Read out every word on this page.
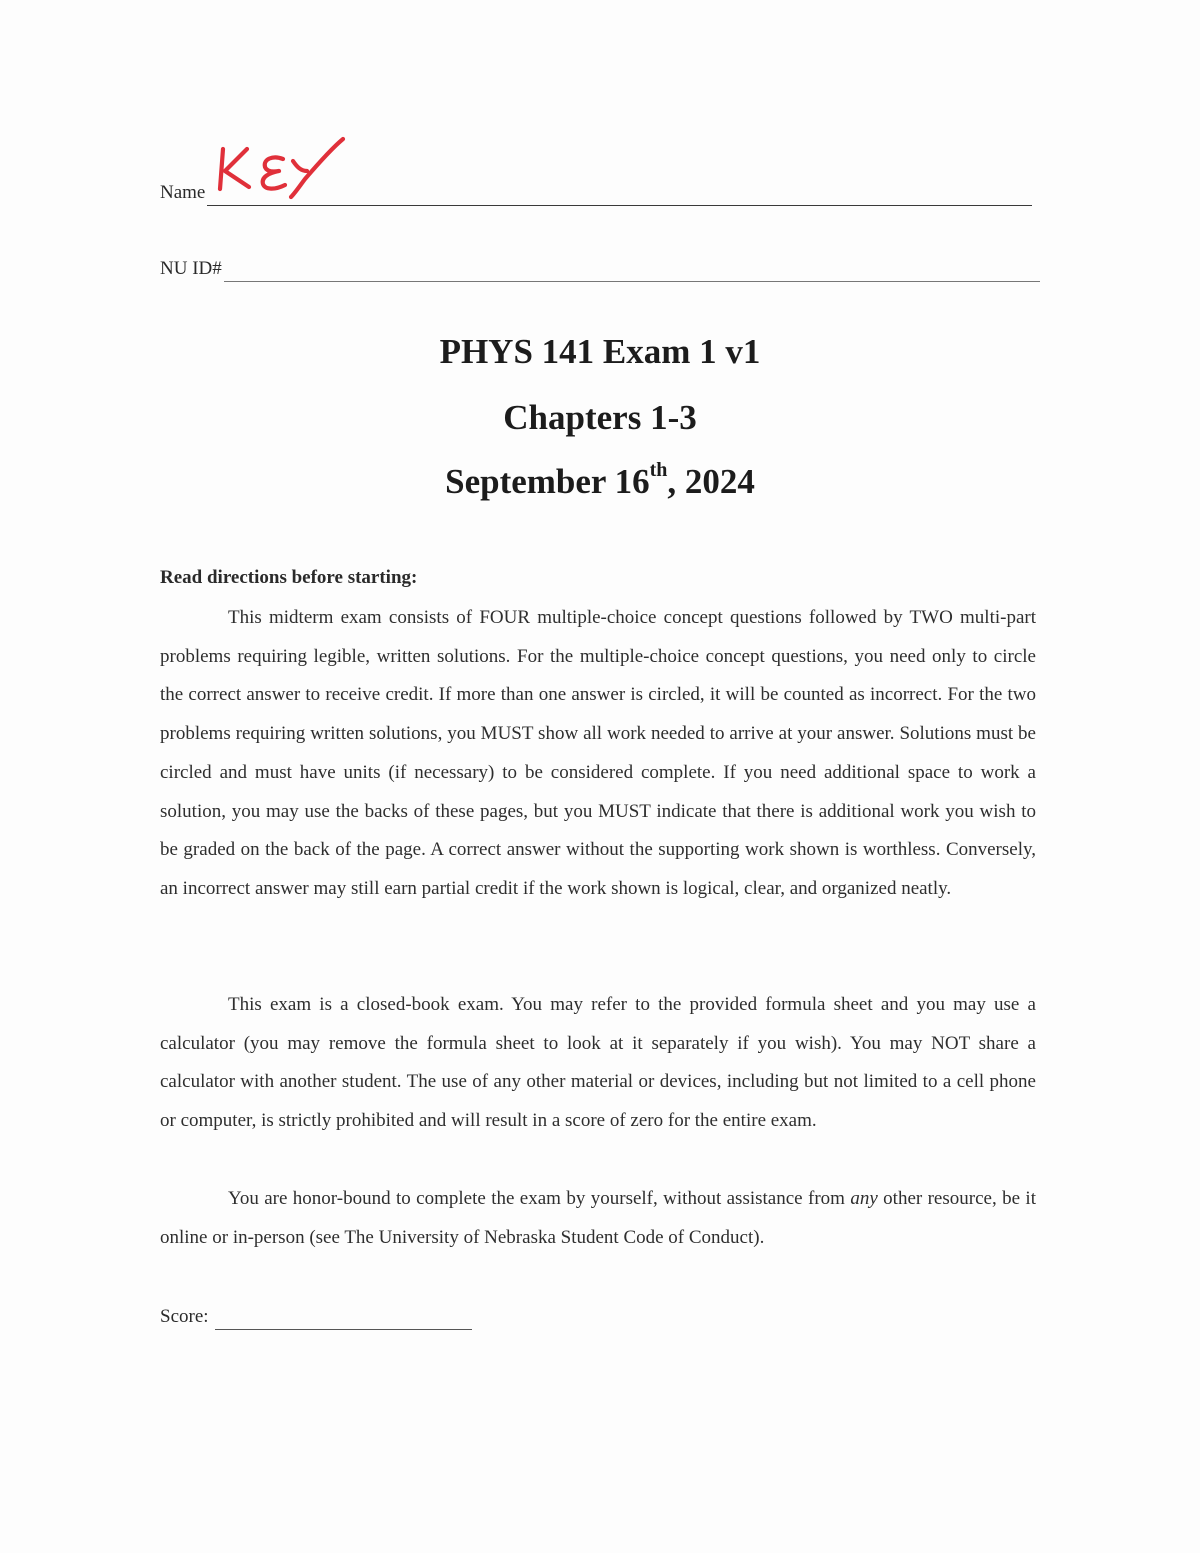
Name
NU ID#
PHYS 141 Exam 1 v1
Chapters 1-3
September 16th, 2024
Read directions before starting:

This midterm exam consists of FOUR multiple-choice concept questions followed by TWO multi-part problems requiring legible, written solutions. For the multiple-choice concept questions, you need only to circle the correct answer to receive credit. If more than one answer is circled, it will be counted as incorrect. For the two problems requiring written solutions, you MUST show all work needed to arrive at your answer. Solutions must be circled and must have units (if necessary) to be considered complete. If you need additional space to work a solution, you may use the backs of these pages, but you MUST indicate that there is additional work you wish to be graded on the back of the page. A correct answer without the supporting work shown is worthless. Conversely, an incorrect answer may still earn partial credit if the work shown is logical, clear, and organized neatly.

This exam is a closed-book exam. You may refer to the provided formula sheet and you may use a calculator (you may remove the formula sheet to look at it separately if you wish). You may NOT share a calculator with another student. The use of any other material or devices, including but not limited to a cell phone or computer, is strictly prohibited and will result in a score of zero for the entire exam.

You are honor-bound to complete the exam by yourself, without assistance from any other resource, be it online or in-person (see The University of Nebraska Student Code of Conduct).

Score:
